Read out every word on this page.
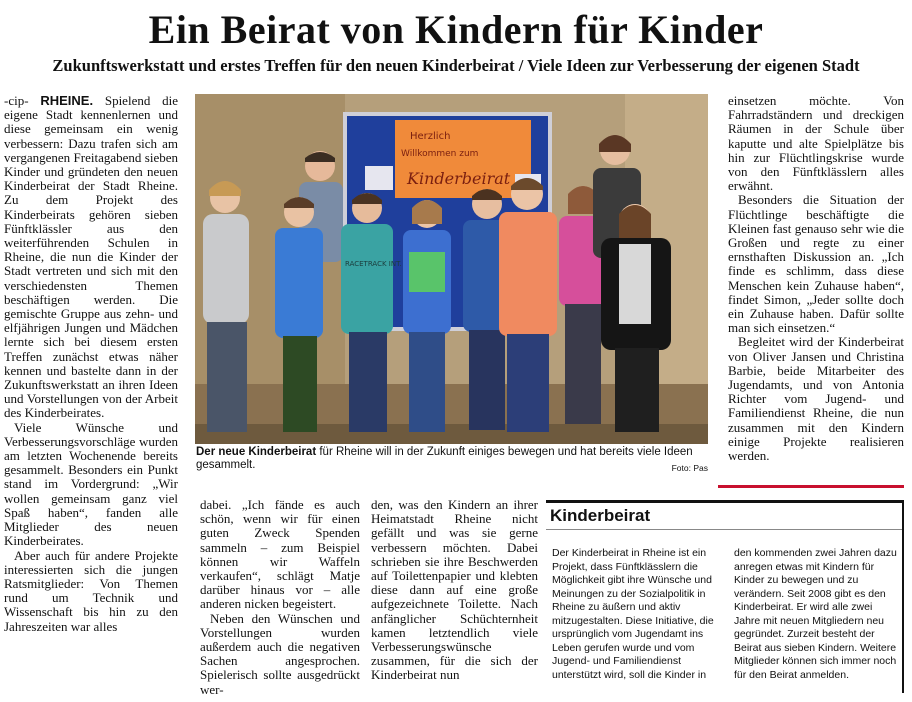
Ein Beirat von Kindern für Kinder
Zukunftswerkstatt und erstes Treffen für den neuen Kinderbeirat / Viele Ideen zur Verbesserung der eigenen Stadt

-cip- RHEINE. Spielend die eigene Stadt kennenlernen und diese gemeinsam ein wenig verbessern: Dazu trafen sich am vergangenen Freitagabend sieben Kinder und gründeten den neuen Kinderbeirat der Stadt Rheine. Zu dem Projekt des Kinderbeirats gehören sieben Fünftklässler aus den weiterführenden Schulen in Rheine, die nun die Kinder der Stadt vertreten und sich mit den verschiedensten Themen beschäftigen werden. Die gemischte Gruppe aus zehn- und elfjährigen Jungen und Mädchen lernte sich bei diesem ersten Treffen zunächst etwas näher kennen und bastelte dann in der Zukunftswerkstatt an ihren Ideen und Vorstellungen von der Arbeit des Kinderbeirates.

Viele Wünsche und Verbesserungsvorschläge wurden am letzten Wochenende bereits gesammelt. Besonders ein Punkt stand im Vordergrund: „Wir wollen gemeinsam ganz viel Spaß haben“, fanden alle Mitglieder des neuen Kinderbeirates.

Aber auch für andere Projekte interessierten sich die jungen Ratsmitglieder: Von Themen rund um Technik und Wissenschaft bis hin zu den Jahreszeiten war alles

Herzlich
Willkommen zum
Kinderbeirat
RACETRACK INT.
Der neue Kinderbeirat für Rheine will in der Zukunft einiges bewegen und hat bereits viele Ideen gesammelt.	Foto: Pas

einsetzen möchte. Von Fahrradständern und dreckigen Räumen in der Schule über kaputte und alte Spielplätze bis hin zur Flüchtlingskrise wurde von den Fünftklässlern alles erwähnt.

Besonders die Situation der Flüchtlinge beschäftigte die Kleinen fast genauso sehr wie die Großen und regte zu einer ernsthaften Diskussion an. „Ich finde es schlimm, dass diese Menschen kein Zuhause haben“, findet Simon, „Jeder sollte doch ein Zuhause haben. Dafür sollte man sich einsetzen.“

Begleitet wird der Kinderbeirat von Oliver Jansen und Christina Barbie, beide Mitarbeiter des Jugendamts, und von Antonia Richter vom Jugend- und Familiendienst Rheine, die nun zusammen mit den Kindern einige Projekte realisieren werden.

dabei. „Ich fände es auch schön, wenn wir für einen guten Zweck Spenden sammeln – zum Beispiel können wir Waffeln verkaufen“, schlägt Matje darüber hinaus vor – alle anderen nicken begeistert.

Neben den Wünschen und Vorstellungen wurden außerdem auch die negativen Sachen angesprochen. Spielerisch sollte ausgedrückt wer-

den, was den Kindern an ihrer Heimatstadt Rheine nicht gefällt und was sie gerne verbessern möchten. Dabei schrieben sie ihre Beschwerden auf Toilettenpapier und klebten diese dann auf eine große aufgezeichnete Toilette. Nach anfänglicher Schüchternheit kamen letztendlich viele Verbesserungswünsche zusammen, für die sich der Kinderbeirat nun

Kinderbeirat
Der Kinderbeirat in Rheine ist ein Projekt, dass Fünftklässlern die Möglichkeit gibt ihre Wünsche und Meinungen zu der Sozialpolitik in Rheine zu äußern und aktiv mitzugestalten. Diese Initiative, die ursprünglich vom Jugendamt ins Leben gerufen wurde und vom Jugend- und Familiendienst unterstützt wird, soll die Kinder in
den kommenden zwei Jahren dazu anregen etwas mit Kindern für Kinder zu bewegen und zu verändern. Seit 2008 gibt es den Kinderbeirat. Er wird alle zwei Jahre mit neuen Mitgliedern neu gegründet. Zurzeit besteht der Beirat aus sieben Kindern. Weitere Mitglieder können sich immer noch für den Beirat anmelden.
